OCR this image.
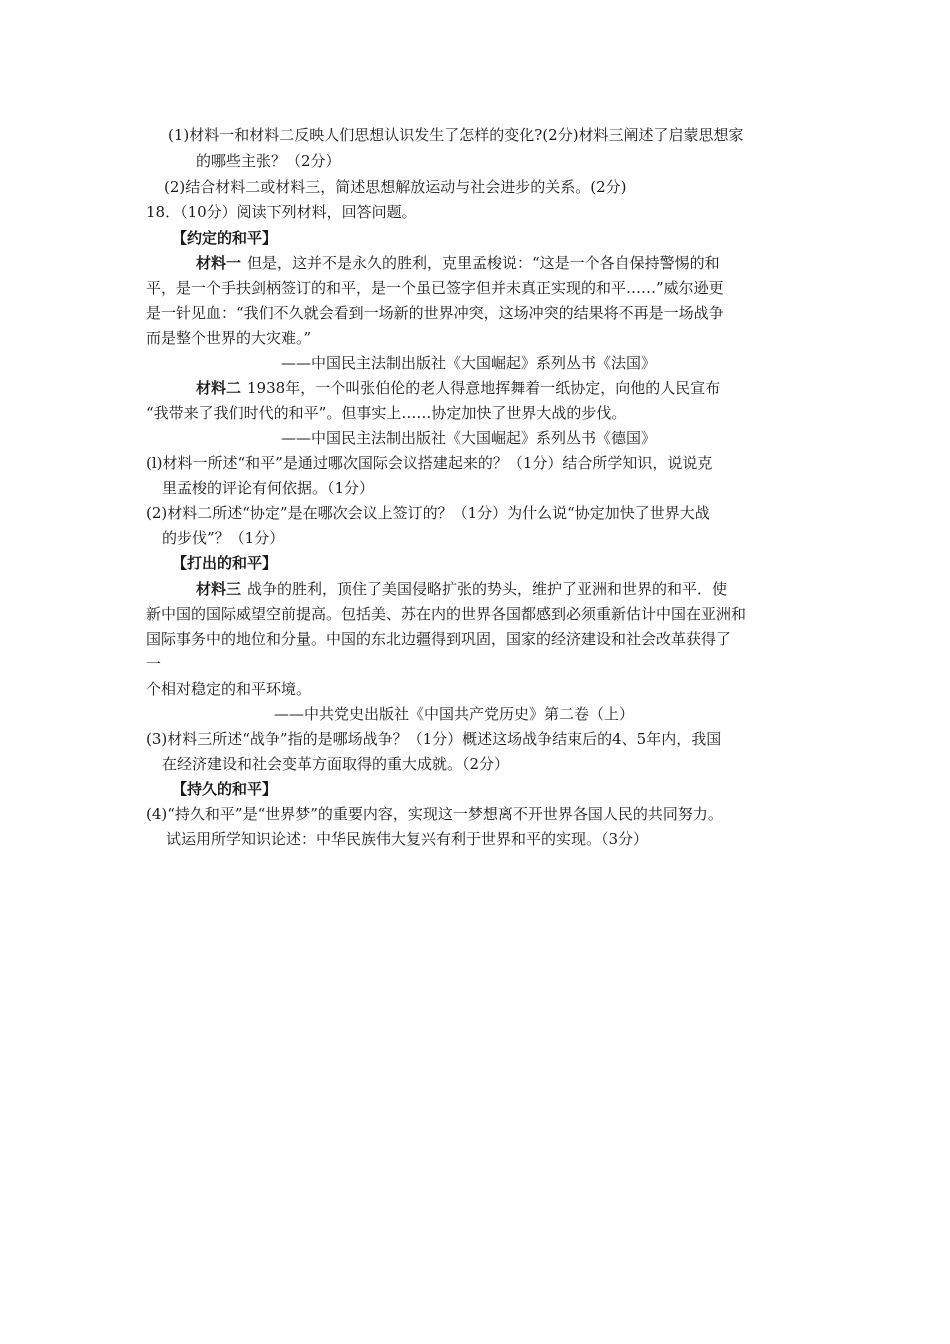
(1)材料一和材料二反映人们思想认识发生了怎样的变化?(2分)材料三阐述了启蒙思想家
的哪些主张？（2分）
(2)结合材料二或材料三，简述思想解放运动与社会进步的关系。(2分)
18．（10分）阅读下列材料，回答问题。
【约定的和平】
材料一 但是，这并不是永久的胜利，克里孟梭说：“这是一个各自保持警惕的和
平，是一个手扶剑柄签订的和平，是一个虽已签字但并未真正实现的和平……”威尔逊更
是一针见血：“我们不久就会看到一场新的世界冲突，这场冲突的结果将不再是一场战争
而是整个世界的大灾难。”
——中国民主法制出版社《大国崛起》系列丛书《法国》
材料二 1938年，一个叫张伯伦的老人得意地挥舞着一纸协定，向他的人民宣布
“我带来了我们时代的和平”。但事实上……协定加快了世界大战的步伐。
——中国民主法制出版社《大国崛起》系列丛书《德国》
(l)材料一所述“和平”是通过哪次国际会议搭建起来的？（1分）结合所学知识，说说克
里孟梭的评论有何依据。（1分）
(2)材料二所述“协定”是在哪次会议上签订的？（1分）为什么说“协定加快了世界大战
的步伐”？（1分）
【打出的和平】
材料三 战争的胜利，顶住了美国侵略扩张的势头，维护了亚洲和世界的和平．使
新中国的国际威望空前提高。包括美、苏在内的世界各国都感到必须重新估计中国在亚洲和
国际事务中的地位和分量。中国的东北边疆得到巩固，国家的经济建设和社会改革获得了
一
个相对稳定的和平环境。
——中共党史出版社《中国共产党历史》第二卷（上）
(3)材料三所述“战争”指的是哪场战争？（1分）概述这场战争结束后的4、5年内，我国
在经济建设和社会变革方面取得的重大成就。（2分）
【持久的和平】
(4)“持久和平”是“世界梦”的重要内容，实现这一梦想离不开世界各国人民的共同努力。
试运用所学知识论述：中华民族伟大复兴有利于世界和平的实现。（3分）
